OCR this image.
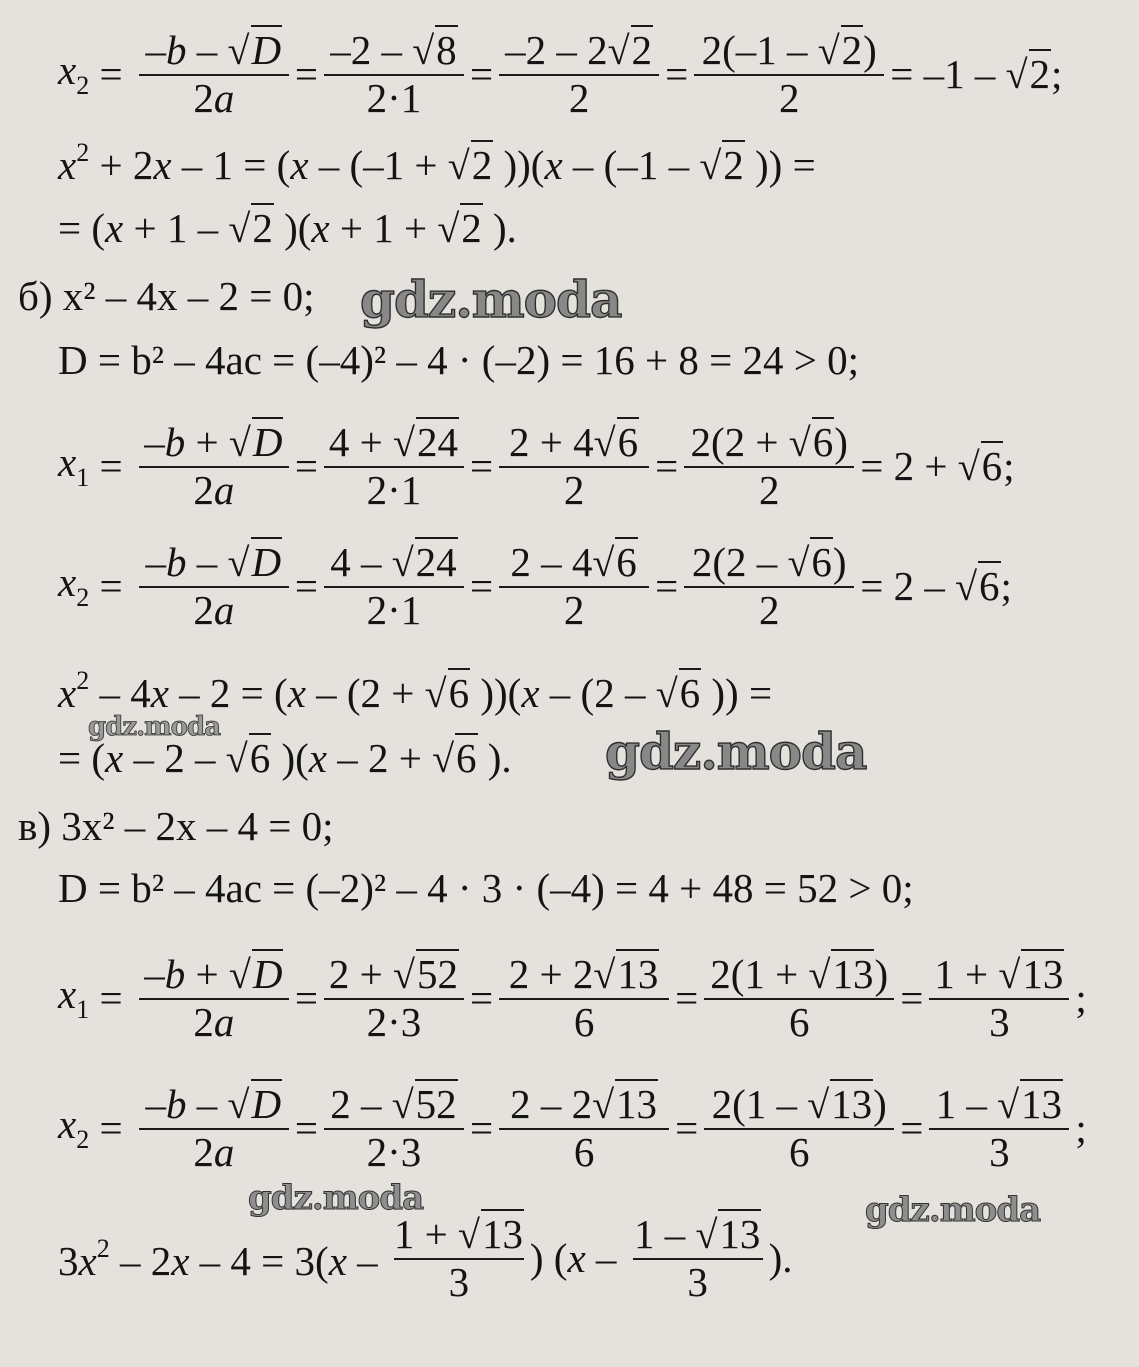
$x_2 = \frac{-b - √D}{2a} = \frac{-2 - √8}{2\cdot 1} = \frac{-2 - 2√2}{2} = \frac{2(-1 - √2)}{2} = -1 - √2$;
$x^2 + 2x - 1 = (x - (-1 + √2$ ))(x – (–1 – √2 )) =
= (x + 1 – √2 )(x + 1 + √2 ).
б)
x² – 4x – 2 = 0;
D = b² – 4ac = (–4)² – 4 · (–2) = 16 + 8 = 24 > 0;
$x_1 = \frac{-b + √D}{2a} = \frac{4 + √24}{2\cdot 1} = \frac{2 + 4√6}{2} = \frac{2(2 + √6)}{2} = 2 + √6$;
$x_2 = \frac{-b - √D}{2a} = \frac{4 - √24}{2\cdot 1} = \frac{2 - 4√6}{2} = \frac{2(2 - √6)}{2} = 2 - √6$;
$x^2 - 4x - 2 = (x - (2 + √6$ ))(x – (2 – √6 )) =
= (x – 2 – √6 )(x – 2 + √6 ).
в)
3x² – 2x – 4 = 0;
D = b² – 4ac = (–2)² – 4 · 3 · (–4) = 4 + 48 = 52 > 0;
$x_1 = \frac{-b + √D}{2a} = \frac{2 + √52}{2\cdot 3} = \frac{2 + 2√13}{6} = \frac{2(1 + √13)}{6} = \frac{1 + √13}{3}$ ;
$x_2 = \frac{-b - √D}{2a} = \frac{2 - √52}{2\cdot 3} = \frac{2 - 2√13}{6} = \frac{2(1 - √13)}{6} = \frac{1 - √13}{3}$ ;
$3x^2 - 2x - 4 = 3(x - \frac{1 + √13}{3}$ ) ($x - \frac{1 - √13}{3}$ ).
gdz.moda
gdz.moda	gdz.moda
gdz.moda	gdz.moda
